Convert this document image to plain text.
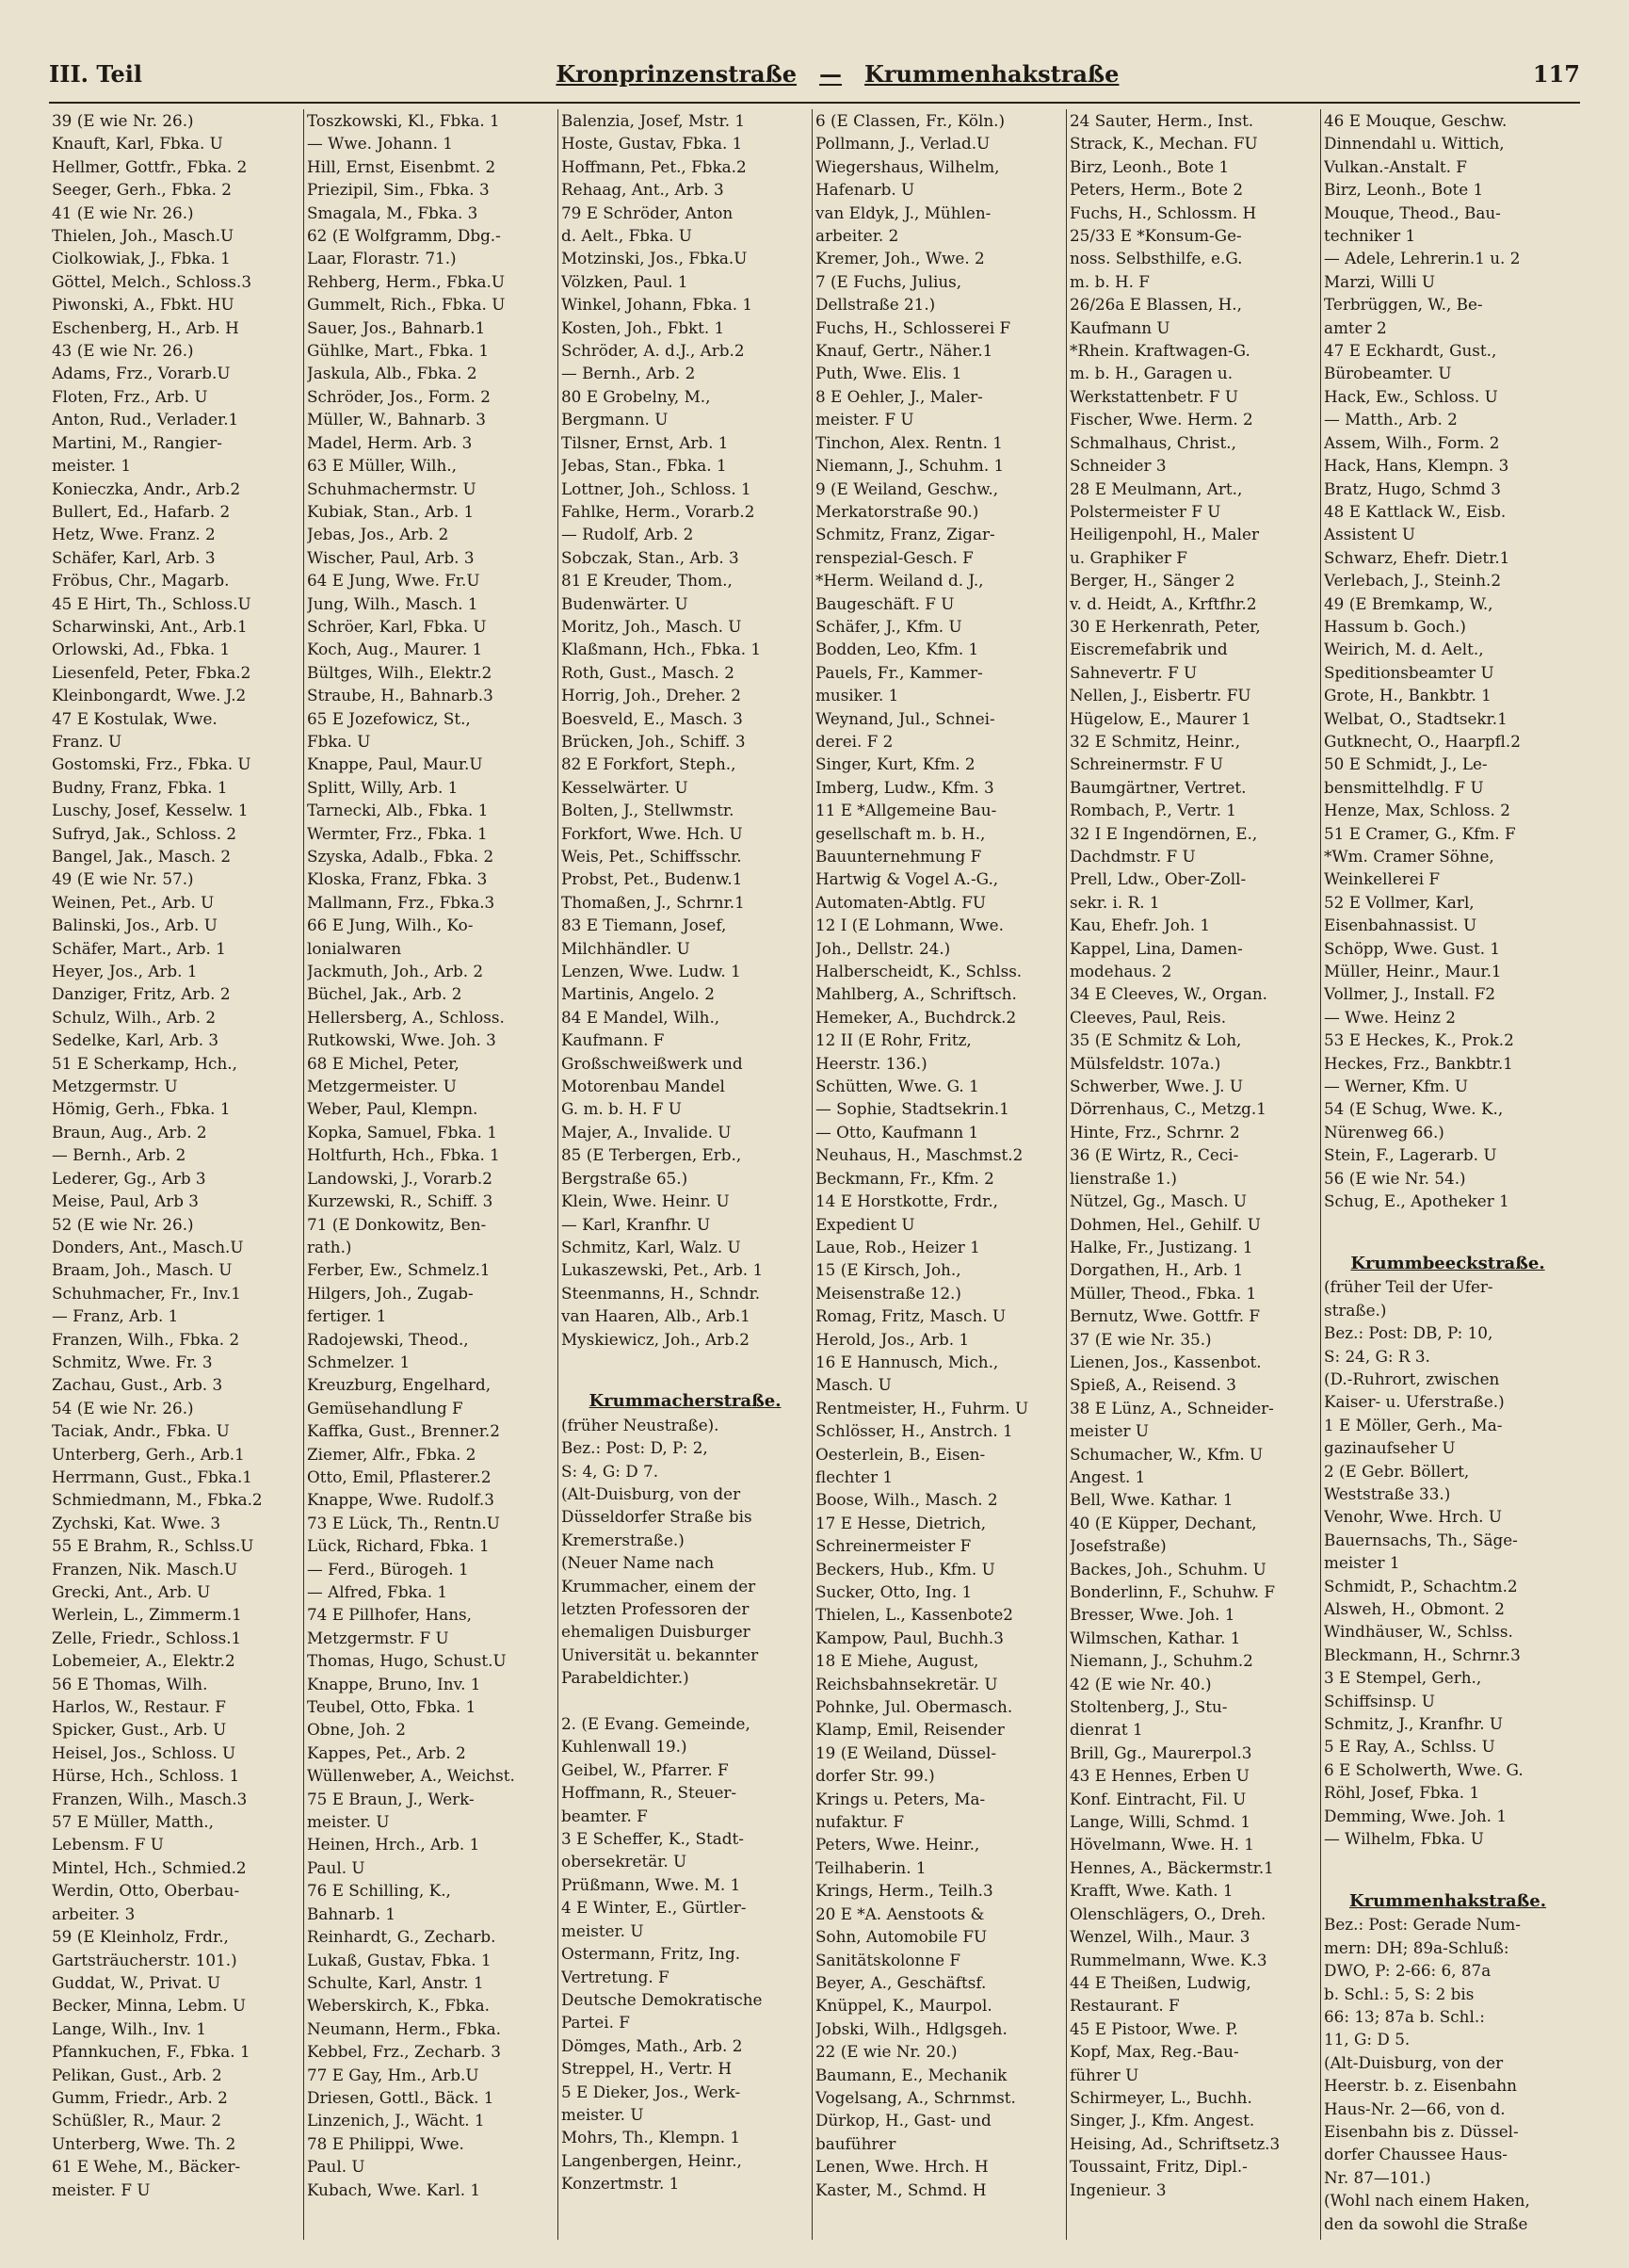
III. Teil	Kronprinzenstraße — Krummenhakstraße	117
39 (E wie Nr. 26.)
Knauft, Karl, Fbka. U
Hellmer, Gottfr., Fbka. 2
Seeger, Gerh., Fbka. 2
41 (E wie Nr. 26.)
Thielen, Joh., Masch.U
Ciolkowiak, J., Fbka. 1
Göttel, Melch., Schloss.3
Piwonski, A., Fbkt. HU
Eschenberg, H., Arb. H
43 (E wie Nr. 26.)
Adams, Frz., Vorarb.U
Floten, Frz., Arb. U
Anton, Rud., Verlader.1
Martini, M., Rangier-
meister. 1
Konieczka, Andr., Arb.2
Bullert, Ed., Hafarb. 2
Hetz, Wwe. Franz. 2
Schäfer, Karl, Arb. 3
Fröbus, Chr., Magarb.
45 E Hirt, Th., Schloss.U
Scharwinski, Ant., Arb.1
Orlowski, Ad., Fbka. 1
Liesenfeld, Peter, Fbka.2
Kleinbongardt, Wwe. J.2
47 E Kostulak, Wwe.
Franz. U
Gostomski, Frz., Fbka. U
Budny, Franz, Fbka. 1
Luschy, Josef, Kesselw. 1
Sufryd, Jak., Schloss. 2
Bangel, Jak., Masch. 2
49 (E wie Nr. 57.)
Weinen, Pet., Arb. U
Balinski, Jos., Arb. U
Schäfer, Mart., Arb. 1
Heyer, Jos., Arb. 1
Danziger, Fritz, Arb. 2
Schulz, Wilh., Arb. 2
Sedelke, Karl, Arb. 3
51 E Scherkamp, Hch.,
Metzgermstr. U
Hömig, Gerh., Fbka. 1
Braun, Aug., Arb. 2
— Bernh., Arb. 2
Lederer, Gg., Arb 3
Meise, Paul, Arb 3
52 (E wie Nr. 26.)
Donders, Ant., Masch.U
Braam, Joh., Masch. U
Schuhmacher, Fr., Inv.1
— Franz, Arb. 1
Franzen, Wilh., Fbka. 2
Schmitz, Wwe. Fr. 3
Zachau, Gust., Arb. 3
54 (E wie Nr. 26.)
Taciak, Andr., Fbka. U
Unterberg, Gerh., Arb.1
Herrmann, Gust., Fbka.1
Schmiedmann, M., Fbka.2
Zychski, Kat. Wwe. 3
55 E Brahm, R., Schlss.U
Franzen, Nik. Masch.U
Grecki, Ant., Arb. U
Werlein, L., Zimmerm.1
Zelle, Friedr., Schloss.1
Lobemeier, A., Elektr.2
56 E Thomas, Wilh.
Harlos, W., Restaur. F
Spicker, Gust., Arb. U
Heisel, Jos., Schloss. U
Hürse, Hch., Schloss. 1
Franzen, Wilh., Masch.3
57 E Müller, Matth.,
Lebensm. F U
Mintel, Hch., Schmied.2
Werdin, Otto, Oberbau-
arbeiter. 3
59 (E Kleinholz, Frdr.,
Gartsträucherstr. 101.)
Guddat, W., Privat. U
Becker, Minna, Lebm. U
Lange, Wilh., Inv. 1
Pfannkuchen, F., Fbka. 1
Pelikan, Gust., Arb. 2
Gumm, Friedr., Arb. 2
Schüßler, R., Maur. 2
Unterberg, Wwe. Th. 2
61 E Wehe, M., Bäcker-
meister. F U
Toszkowski, Kl., Fbka. 1
— Wwe. Johann. 1
Hill, Ernst, Eisenbmt. 2
Priezipil, Sim., Fbka. 3
Smagala, M., Fbka. 3
62 (E Wolfgramm, Dbg.-
Laar, Florastr. 71.)
Rehberg, Herm., Fbka.U
Gummelt, Rich., Fbka. U
Sauer, Jos., Bahnarb.1
Gühlke, Mart., Fbka. 1
Jaskula, Alb., Fbka. 2
Schröder, Jos., Form. 2
Müller, W., Bahnarb. 3
Madel, Herm. Arb. 3
63 E Müller, Wilh.,
Schuhmachermstr. U
Kubiak, Stan., Arb. 1
Jebas, Jos., Arb. 2
Wischer, Paul, Arb. 3
64 E Jung, Wwe. Fr.U
Jung, Wilh., Masch. 1
Schröer, Karl, Fbka. U
Koch, Aug., Maurer. 1
Bültges, Wilh., Elektr.2
Straube, H., Bahnarb.3
65 E Jozefowicz, St.,
Fbka. U
Knappe, Paul, Maur.U
Splitt, Willy, Arb. 1
Tarnecki, Alb., Fbka. 1
Wermter, Frz., Fbka. 1
Szyska, Adalb., Fbka. 2
Kloska, Franz, Fbka. 3
Mallmann, Frz., Fbka.3
66 E Jung, Wilh., Ko-
lonialwaren
Jackmuth, Joh., Arb. 2
Büchel, Jak., Arb. 2
Hellersberg, A., Schloss.
Rutkowski, Wwe. Joh. 3
68 E Michel, Peter,
Metzgermeister. U
Weber, Paul, Klempn.
Kopka, Samuel, Fbka. 1
Holtfurth, Hch., Fbka. 1
Landowski, J., Vorarb.2
Kurzewski, R., Schiff. 3
71 (E Donkowitz, Ben-
rath.)
Ferber, Ew., Schmelz.1
Hilgers, Joh., Zugab-
fertiger. 1
Radojewski, Theod.,
Schmelzer. 1
Kreuzburg, Engelhard,
Gemüsehandlung F
Kaffka, Gust., Brenner.2
Ziemer, Alfr., Fbka. 2
Otto, Emil, Pflasterer.2
Knappe, Wwe. Rudolf.3
73 E Lück, Th., Rentn.U
Lück, Richard, Fbka. 1
— Ferd., Bürogeh. 1
— Alfred, Fbka. 1
74 E Pillhofer, Hans,
Metzgermstr. F U
Thomas, Hugo, Schust.U
Knappe, Bruno, Inv. 1
Teubel, Otto, Fbka. 1
Obne, Joh. 2
Kappes, Pet., Arb. 2
Wüllenweber, A., Weichst.
75 E Braun, J., Werk-
meister. U
Heinen, Hrch., Arb. 1
Paul. U
76 E Schilling, K.,
Bahnarb. 1
Reinhardt, G., Zecharb.
Lukaß, Gustav, Fbka. 1
Schulte, Karl, Anstr. 1
Weberskirch, K., Fbka.
Neumann, Herm., Fbka.
Kebbel, Frz., Zecharb. 3
77 E Gay, Hm., Arb.U
Driesen, Gottl., Bäck. 1
Linzenich, J., Wächt. 1
78 E Philippi, Wwe.
Paul. U
Kubach, Wwe. Karl. 1
Balenzia, Josef, Mstr. 1
Hoste, Gustav, Fbka. 1
Hoffmann, Pet., Fbka.2
Rehaag, Ant., Arb. 3
79 E Schröder, Anton
d. Aelt., Fbka. U
Motzinski, Jos., Fbka.U
Völzken, Paul. 1
Winkel, Johann, Fbka. 1
Kosten, Joh., Fbkt. 1
Schröder, A. d.J., Arb.2
— Bernh., Arb. 2
80 E Grobelny, M.,
Bergmann. U
Tilsner, Ernst, Arb. 1
Jebas, Stan., Fbka. 1
Lottner, Joh., Schloss. 1
Fahlke, Herm., Vorarb.2
— Rudolf, Arb. 2
Sobczak, Stan., Arb. 3
81 E Kreuder, Thom.,
Budenwärter. U
Moritz, Joh., Masch. U
Klaßmann, Hch., Fbka. 1
Roth, Gust., Masch. 2
Horrig, Joh., Dreher. 2
Boesveld, E., Masch. 3
Brücken, Joh., Schiff. 3
82 E Forkfort, Steph.,
Kesselwärter. U
Bolten, J., Stellwmstr.
Forkfort, Wwe. Hch. U
Weis, Pet., Schiffsschr.
Probst, Pet., Budenw.1
Thomaßen, J., Schrnr.1
83 E Tiemann, Josef,
Milchhändler. U
Lenzen, Wwe. Ludw. 1
Martinis, Angelo. 2
84 E Mandel, Wilh.,
Kaufmann. F
Großschweißwerk und
Motorenbau Mandel
G. m. b. H. F U
Majer, A., Invalide. U
85 (E Terbergen, Erb.,
Bergstraße 65.)
Klein, Wwe. Heinr. U
— Karl, Kranfhr. U
Schmitz, Karl, Walz. U
Lukaszewski, Pet., Arb. 1
Steenmanns, H., Schndr.
van Haaren, Alb., Arb.1
Myskiewicz, Joh., Arb.2

Krummacherstraße.
(früher Neustraße).
Bez.: Post: D, P: 2,
S: 4, G: D 7.
(Alt-Duisburg, von der
Düsseldorfer Straße bis
Kremerstraße.)
(Neuer Name nach
Krummacher, einem der
letzten Professoren der
ehemaligen Duisburger
Universität u. bekannter
Parabeldichter.)

2. (E Evang. Gemeinde,
Kuhlenwall 19.)
Geibel, W., Pfarrer. F
Hoffmann, R., Steuer-
beamter. F
3 E Scheffer, K., Stadt-
obersekretär. U
Prüßmann, Wwe. M. 1
4 E Winter, E., Gürtler-
meister. U
Ostermann, Fritz, Ing.
Vertretung. F
Deutsche Demokratische
Partei. F
Dömges, Math., Arb. 2
Streppel, H., Vertr. H
5 E Dieker, Jos., Werk-
meister. U
Mohrs, Th., Klempn. 1
Langenbergen, Heinr.,
Konzertmstr. 1
6 (E Classen, Fr., Köln.)
Pollmann, J., Verlad.U
Wiegershaus, Wilhelm,
Hafenarb. U
van Eldyk, J., Mühlen-
arbeiter. 2
Kremer, Joh., Wwe. 2
7 (E Fuchs, Julius,
Dellstraße 21.)
Fuchs, H., Schlosserei F
Knauf, Gertr., Näher.1
Puth, Wwe. Elis. 1
8 E Oehler, J., Maler-
meister. F U
Tinchon, Alex. Rentn. 1
Niemann, J., Schuhm. 1
9 (E Weiland, Geschw.,
Merkatorstraße 90.)
Schmitz, Franz, Zigar-
renspezial-Gesch. F
*Herm. Weiland d. J.,
Baugeschäft. F U
Schäfer, J., Kfm. U
Bodden, Leo, Kfm. 1
Pauels, Fr., Kammer-
musiker. 1
Weynand, Jul., Schnei-
derei. F 2
Singer, Kurt, Kfm. 2
Imberg, Ludw., Kfm. 3
11 E *Allgemeine Bau-
gesellschaft m. b. H.,
Bauunternehmung F
Hartwig & Vogel A.-G.,
Automaten-Abtlg. FU
12 I (E Lohmann, Wwe.
Joh., Dellstr. 24.)
Halberscheidt, K., Schlss.
Mahlberg, A., Schriftsch.
Hemeker, A., Buchdrck.2
12 II (E Rohr, Fritz,
Heerstr. 136.)
Schütten, Wwe. G. 1
— Sophie, Stadtsekrin.1
— Otto, Kaufmann 1
Neuhaus, H., Maschmst.2
Beckmann, Fr., Kfm. 2
14 E Horstkotte, Frdr.,
Expedient U
Laue, Rob., Heizer 1
15 (E Kirsch, Joh.,
Meisenstraße 12.)
Romag, Fritz, Masch. U
Herold, Jos., Arb. 1
16 E Hannusch, Mich.,
Masch. U
Rentmeister, H., Fuhrm. U
Schlösser, H., Anstrch. 1
Oesterlein, B., Eisen-
flechter 1
Boose, Wilh., Masch. 2
17 E Hesse, Dietrich,
Schreinermeister F
Beckers, Hub., Kfm. U
Sucker, Otto, Ing. 1
Thielen, L., Kassenbote2
Kampow, Paul, Buchh.3
18 E Miehe, August,
Reichsbahnsekretär. U
Pohnke, Jul. Obermasch.
Klamp, Emil, Reisender
19 (E Weiland, Düssel-
dorfer Str. 99.)
Krings u. Peters, Ma-
nufaktur. F
Peters, Wwe. Heinr.,
Teilhaberin. 1
Krings, Herm., Teilh.3
20 E *A. Aenstoots &
Sohn, Automobile FU
Sanitätskolonne F
Beyer, A., Geschäftsf.
Knüppel, K., Maurpol.
Jobski, Wilh., Hdlgsgeh.
22 (E wie Nr. 20.)
Baumann, E., Mechanik
Vogelsang, A., Schrnmst.
Dürkop, H., Gast- und
bauführer
Lenen, Wwe. Hrch. H
Kaster, M., Schmd. H
24 Sauter, Herm., Inst.
Strack, K., Mechan. FU
Birz, Leonh., Bote 1
Peters, Herm., Bote 2
Fuchs, H., Schlossm. H
25/33 E *Konsum-Ge-
noss. Selbsthilfe, e.G.
m. b. H. F
26/26a E Blassen, H.,
Kaufmann U
*Rhein. Kraftwagen-G.
m. b. H., Garagen u.
Werkstattenbetr. F U
Fischer, Wwe. Herm. 2
Schmalhaus, Christ.,
Schneider 3
28 E Meulmann, Art.,
Polstermeister F U
Heiligenpohl, H., Maler
u. Graphiker F
Berger, H., Sänger 2
v. d. Heidt, A., Krftfhr.2
30 E Herkenrath, Peter,
Eiscremefabrik und
Sahnevertr. F U
Nellen, J., Eisbertr. FU
Hügelow, E., Maurer 1
32 E Schmitz, Heinr.,
Schreinermstr. F U
Baumgärtner, Vertret.
Rombach, P., Vertr. 1
32 I E Ingendörnen, E.,
Dachdmstr. F U
Prell, Ldw., Ober-Zoll-
sekr. i. R. 1
Kau, Ehefr. Joh. 1
Kappel, Lina, Damen-
modehaus. 2
34 E Cleeves, W., Organ.
Cleeves, Paul, Reis.
35 (E Schmitz & Loh,
Mülsfeldstr. 107a.)
Schwerber, Wwe. J. U
Dörrenhaus, C., Metzg.1
Hinte, Frz., Schrnr. 2
36 (E Wirtz, R., Ceci-
lienstraße 1.)
Nützel, Gg., Masch. U
Dohmen, Hel., Gehilf. U
Halke, Fr., Justizang. 1
Dorgathen, H., Arb. 1
Müller, Theod., Fbka. 1
Bernutz, Wwe. Gottfr. F
37 (E wie Nr. 35.)
Lienen, Jos., Kassenbot.
Spieß, A., Reisend. 3
38 E Lünz, A., Schneider-
meister U
Schumacher, W., Kfm. U
Angest. 1
Bell, Wwe. Kathar. 1
40 (E Küpper, Dechant,
Josefstraße)
Backes, Joh., Schuhm. U
Bonderlinn, F., Schuhw. F
Bresser, Wwe. Joh. 1
Wilmschen, Kathar. 1
Niemann, J., Schuhm.2
42 (E wie Nr. 40.)
Stoltenberg, J., Stu-
dienrat 1
Brill, Gg., Maurerpol.3
43 E Hennes, Erben U
Konf. Eintracht, Fil. U
Lange, Willi, Schmd. 1
Hövelmann, Wwe. H. 1
Hennes, A., Bäckermstr.1
Krafft, Wwe. Kath. 1
Olenschlägers, O., Dreh.
Wenzel, Wilh., Maur. 3
Rummelmann, Wwe. K.3
44 E Theißen, Ludwig,
Restaurant. F
45 E Pistoor, Wwe. P.
Kopf, Max, Reg.-Bau-
führer U
Schirmeyer, L., Buchh.
Singer, J., Kfm. Angest.
Heising, Ad., Schriftsetz.3
Toussaint, Fritz, Dipl.-
Ingenieur. 3
46 E Mouque, Geschw.
Dinnendahl u. Wittich,
Vulkan.-Anstalt. F
Birz, Leonh., Bote 1
Mouque, Theod., Bau-
techniker 1
— Adele, Lehrerin.1 u. 2
Marzi, Willi U
Terbrüggen, W., Be-
amter 2
47 E Eckhardt, Gust.,
Bürobeamter. U
Hack, Ew., Schloss. U
— Matth., Arb. 2
Assem, Wilh., Form. 2
Hack, Hans, Klempn. 3
Bratz, Hugo, Schmd 3
48 E Kattlack W., Eisb.
Assistent U
Schwarz, Ehefr. Dietr.1
Verlebach, J., Steinh.2
49 (E Bremkamp, W.,
Hassum b. Goch.)
Weirich, M. d. Aelt.,
Speditionsbeamter U
Grote, H., Bankbtr. 1
Welbat, O., Stadtsekr.1
Gutknecht, O., Haarpfl.2
50 E Schmidt, J., Le-
bensmittelhdlg. F U
Henze, Max, Schloss. 2
51 E Cramer, G., Kfm. F
*Wm. Cramer Söhne,
Weinkellerei F
52 E Vollmer, Karl,
Eisenbahnassist. U
Schöpp, Wwe. Gust. 1
Müller, Heinr., Maur.1
Vollmer, J., Install. F2
— Wwe. Heinz 2
53 E Heckes, K., Prok.2
Heckes, Frz., Bankbtr.1
— Werner, Kfm. U
54 (E Schug, Wwe. K.,
Nürenweg 66.)
Stein, F., Lagerarb. U
56 (E wie Nr. 54.)
Schug, E., Apotheker 1

Krummbeeckstraße.
(früher Teil der Ufer-
straße.)
Bez.: Post: DB, P: 10,
S: 24, G: R 3.
(D.-Ruhrort, zwischen
Kaiser- u. Uferstraße.)
1 E Möller, Gerh., Ma-
gazinaufseher U
2 (E Gebr. Böllert,
Weststraße 33.)
Venohr, Wwe. Hrch. U
Bauernsachs, Th., Säge-
meister 1
Schmidt, P., Schachtm.2
Alsweh, H., Obmont. 2
Windhäuser, W., Schlss.
Bleckmann, H., Schrnr.3
3 E Stempel, Gerh.,
Schiffsinsp. U
Schmitz, J., Kranfhr. U
5 E Ray, A., Schlss. U
6 E Scholwerth, Wwe. G.
Röhl, Josef, Fbka. 1
Demming, Wwe. Joh. 1
— Wilhelm, Fbka. U

Krummenhakstraße.
Bez.: Post: Gerade Num-
mern: DH; 89a-Schluß:
DWO, P: 2-66: 6, 87a
b. Schl.: 5, S: 2 bis
66: 13; 87a b. Schl.:
11, G: D 5.
(Alt-Duisburg, von der
Heerstr. b. z. Eisenbahn
Haus-Nr. 2—66, von d.
Eisenbahn bis z. Düssel-
dorfer Chaussee Haus-
Nr. 87—101.)
(Wohl nach einem Haken,
den da sowohl die Straße
